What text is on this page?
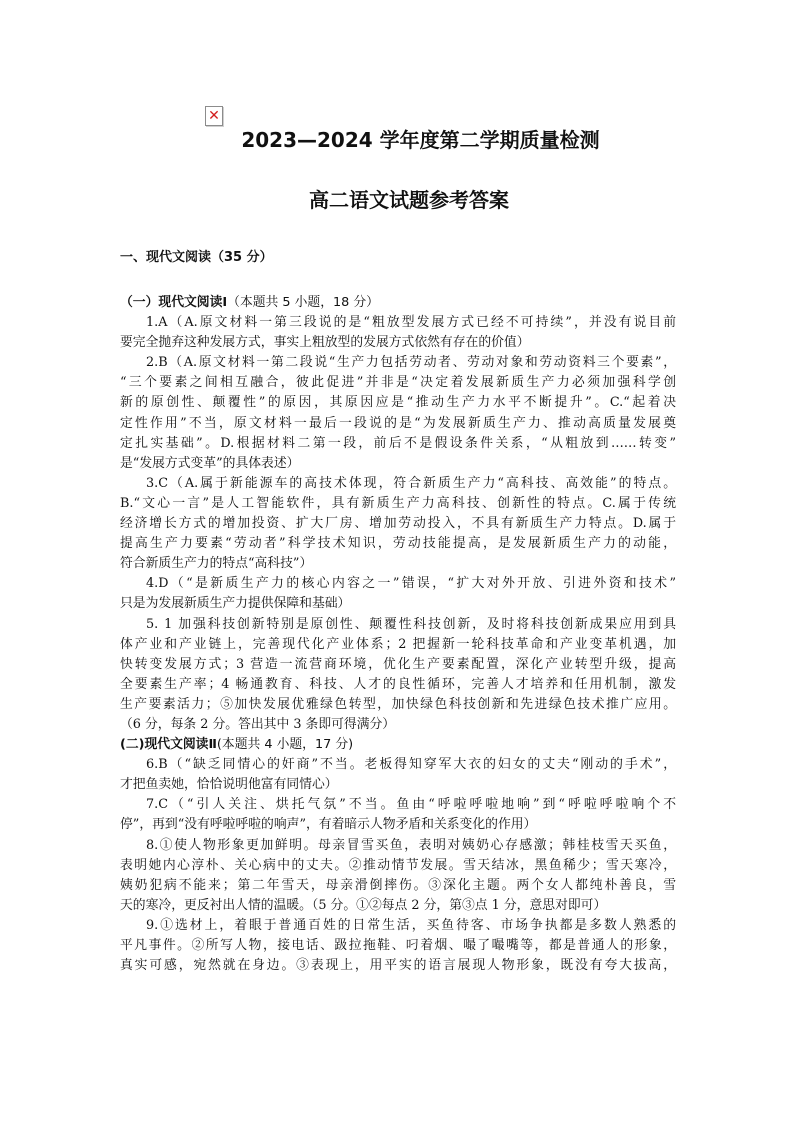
✕
2023—2024 学年度第二学期质量检测
高二语文试题参考答案
一、现代文阅读（35 分）

（一）现代文阅读Ⅰ（本题共 5 小题，18 分）

1.A（A.原文材料一第三段说的是“粗放型发展方式已经不可持续”，并没有说目前
要完全抛弃这种发展方式，事实上粗放型的发展方式依然有存在的价值）
2.B（A.原文材料一第二段说“生产力包括劳动者、劳动对象和劳动资料三个要素”，
“三个要素之间相互融合，彼此促进”并非是“决定着发展新质生产力必须加强科学创
新的原创性、颠覆性”的原因，其原因应是“推动生产力水平不断提升”。C.“起着决
定性作用”不当，原文材料一最后一段说的是“为发展新质生产力、推动高质量发展奠
定扎实基础”。D.根据材料二第一段，前后不是假设条件关系，“从粗放到……转变”
是“发展方式变革”的具体表述）
3.C（A.属于新能源车的高技术体现，符合新质生产力“高科技、高效能”的特点。
B.“文心一言”是人工智能软件，具有新质生产力高科技、创新性的特点。C.属于传统
经济增长方式的增加投资、扩大厂房、增加劳动投入，不具有新质生产力特点。D.属于
提高生产力要素“劳动者”科学技术知识，劳动技能提高，是发展新质生产力的动能，
符合新质生产力的特点“高科技”）
4.D（“是新质生产力的核心内容之一”错误，“扩大对外开放、引进外资和技术”
只是为发展新质生产力提供保障和基础）
5. 1 加强科技创新特别是原创性、颠覆性科技创新，及时将科技创新成果应用到具
体产业和产业链上，完善现代化产业体系；2 把握新一轮科技革命和产业变革机遇，加
快转变发展方式；3 营造一流营商环境，优化生产要素配置，深化产业转型升级，提高
全要素生产率；4 畅通教育、科技、人才的良性循环，完善人才培养和任用机制，激发
生产要素活力；⑤加快发展优雅绿色转型，加快绿色科技创新和先进绿色技术推广应用。
（6 分，每条 2 分。答出其中 3 条即可得满分）

(二)现代文阅读Ⅱ(本题共 4 小题，17 分)

6.B（“缺乏同情心的奸商”不当。老板得知穿军大衣的妇女的丈夫“刚动的手术”，
才把鱼卖她，恰恰说明他富有同情心）
7.C（“引人关注、烘托气氛”不当。鱼由“呼啦呼啦地响”到“呼啦呼啦响个不
停”，再到“没有呼啦呼啦的响声”，有着暗示人物矛盾和关系变化的作用）
8.①使人物形象更加鲜明。母亲冒雪买鱼，表明对姨奶心存感激；韩桂枝雪天买鱼，
表明她内心淳朴、关心病中的丈夫。②推动情节发展。雪天结冰，黑鱼稀少；雪天寒冷，
姨奶犯病不能来；第二年雪天，母亲滑倒摔伤。③深化主题。两个女人都纯朴善良，雪
天的寒冷，更反衬出人情的温暖。（5 分。①②每点 2 分，第③点 1 分，意思对即可）
9.①选材上，着眼于普通百姓的日常生活，买鱼待客、市场争执都是多数人熟悉的
平凡事件。②所写人物，接电话、趿拉拖鞋、叼着烟、嘬了嘬嘴等，都是普通人的形象，
真实可感，宛然就在身边。③表现上，用平实的语言展现人物形象，既没有夸大拔高，
